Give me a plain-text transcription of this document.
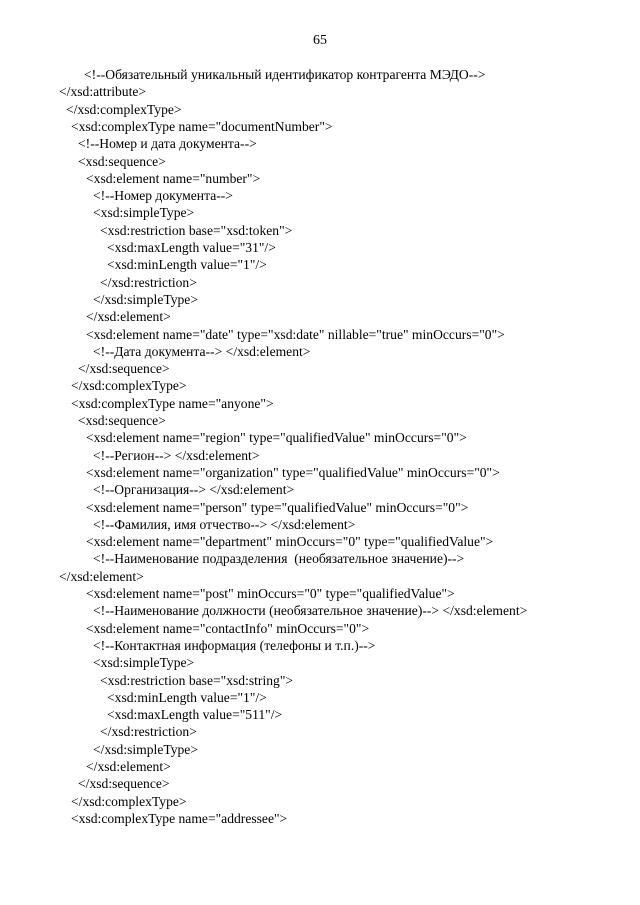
65
<!--Обязательный уникальный идентификатор контрагента МЭДО-->
</xsd:attribute>
</xsd:complexType>
<xsd:complexType name="documentNumber">
<!--Номер и дата документа-->
<xsd:sequence>
<xsd:element name="number">
<!--Номер документа-->
<xsd:simpleType>
<xsd:restriction base="xsd:token">
<xsd:maxLength value="31"/>
<xsd:minLength value="1"/>
</xsd:restriction>
</xsd:simpleType>
</xsd:element>
<xsd:element name="date" type="xsd:date" nillable="true" minOccurs="0">
<!--Дата документа--> </xsd:element>
</xsd:sequence>
</xsd:complexType>
<xsd:complexType name="anyone">
<xsd:sequence>
<xsd:element name="region" type="qualifiedValue" minOccurs="0">
<!--Регион--> </xsd:element>
<xsd:element name="organization" type="qualifiedValue" minOccurs="0">
<!--Организация--> </xsd:element>
<xsd:element name="person" type="qualifiedValue" minOccurs="0">
<!--Фамилия, имя отчество--> </xsd:element>
<xsd:element name="department" minOccurs="0" type="qualifiedValue">
<!--Наименование подразделения  (необязательное значение)-->
</xsd:element>
<xsd:element name="post" minOccurs="0" type="qualifiedValue">
<!--Наименование должности (необязательное значение)--> </xsd:element>
<xsd:element name="contactInfo" minOccurs="0">
<!--Контактная информация (телефоны и т.п.)-->
<xsd:simpleType>
<xsd:restriction base="xsd:string">
<xsd:minLength value="1"/>
<xsd:maxLength value="511"/>
</xsd:restriction>
</xsd:simpleType>
</xsd:element>
</xsd:sequence>
</xsd:complexType>
<xsd:complexType name="addressee">
